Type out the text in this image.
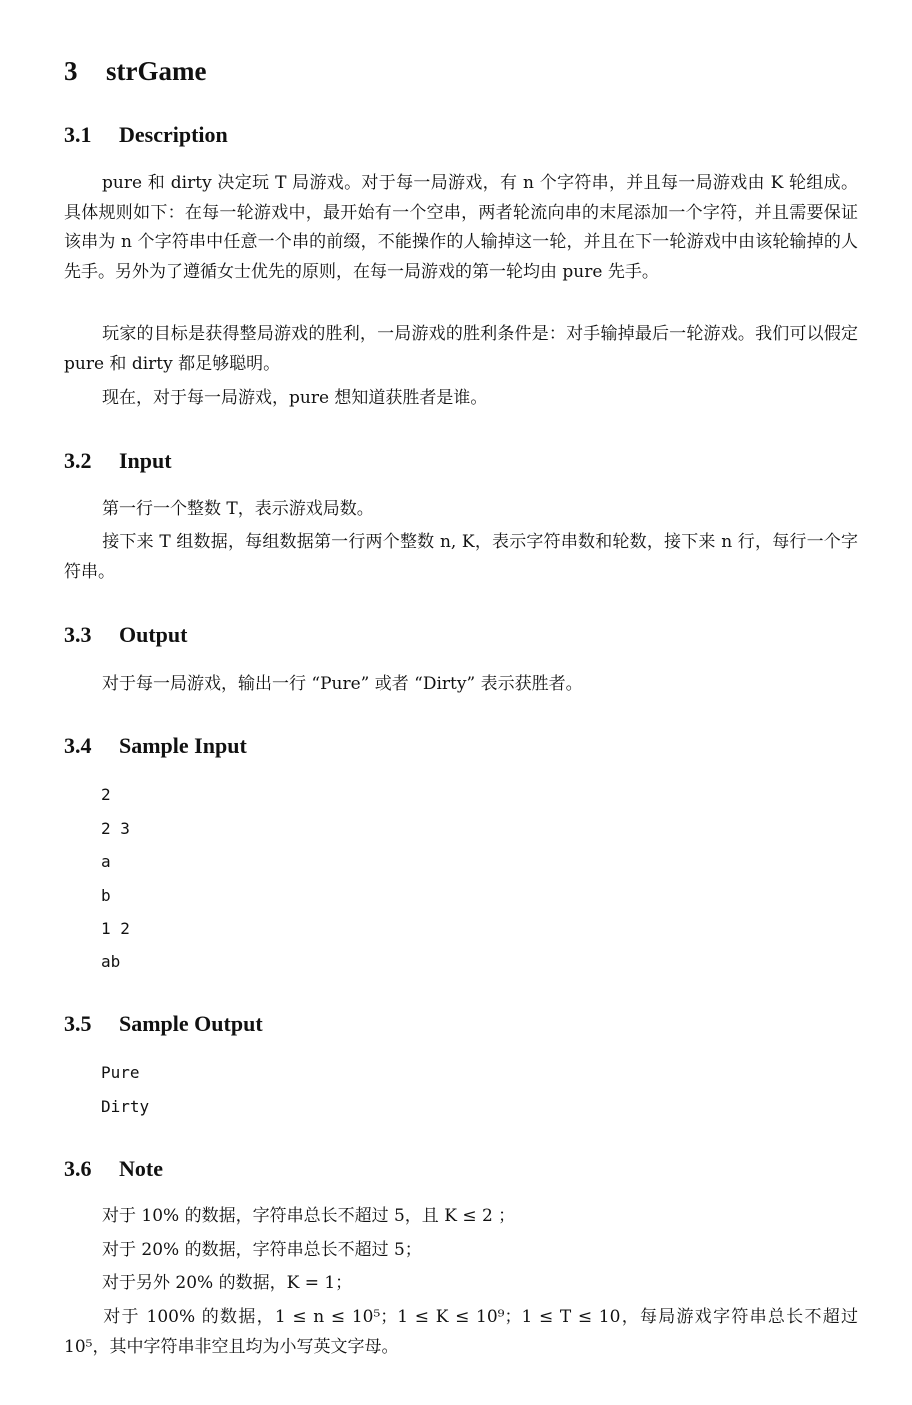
3 strGame
3.1 Description
pure 和 dirty 决定玩 T 局游戏。对于每一局游戏，有 n 个字符串，并且每一局游戏由 K 轮组成。具体规则如下：在每一轮游戏中，最开始有一个空串，两者轮流向串的末尾添加一个字符，并且需要保证该串为 n 个字符串中任意一个串的前缀，不能操作的人输掉这一轮，并且在下一轮游戏中由该轮输掉的人先手。另外为了遵循女士优先的原则，在每一局游戏的第一轮均由 pure 先手。
玩家的目标是获得整局游戏的胜利，一局游戏的胜利条件是：对手输掉最后一轮游戏。我们可以假定 pure 和 dirty 都足够聪明。
现在，对于每一局游戏，pure 想知道获胜者是谁。
3.2 Input
第一行一个整数 T，表示游戏局数。
接下来 T 组数据，每组数据第一行两个整数 n, K，表示字符串数和轮数，接下来 n 行，每行一个字符串。
3.3 Output
对于每一局游戏，输出一行 “Pure” 或者 “Dirty” 表示获胜者。
3.4 Sample Input
2
2 3
a
b
1 2
ab
3.5 Sample Output
Pure
Dirty
3.6 Note
对于 10% 的数据，字符串总长不超过 5，且 K ≤ 2 ；
对于 20% 的数据，字符串总长不超过 5；
对于另外 20% 的数据，K = 1；
对于 100% 的数据，1 ≤ n ≤ 10⁵；1 ≤ K ≤ 10⁹；1 ≤ T ≤ 10，每局游戏字符串总长不超过 10⁵，其中字符串非空且均为小写英文字母。
